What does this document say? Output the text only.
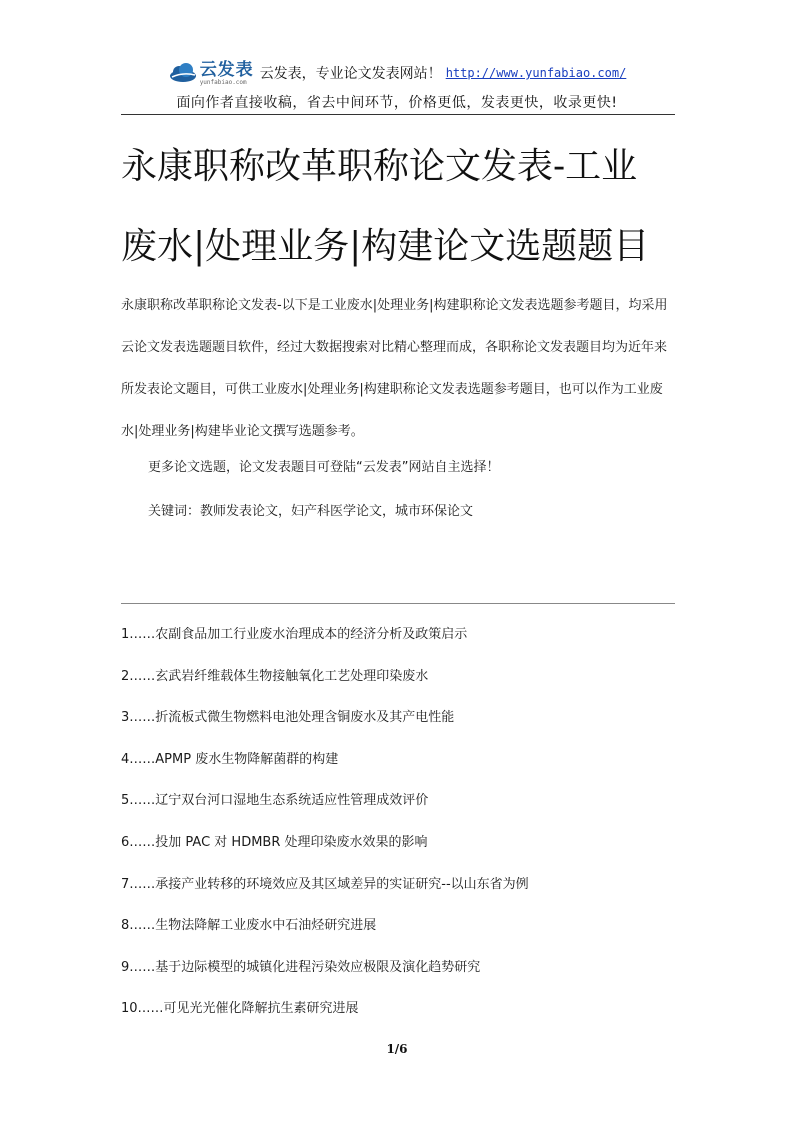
云发表
yunfabiao.com 云发表，专业论文发表网站！ http://www.yunfabiao.com/
面向作者直接收稿，省去中间环节，价格更低，发表更快，收录更快!
永康职称改革职称论文发表-工业
废水|处理业务|构建论文选题题目
永康职称改革职称论文发表-以下是工业废水|处理业务|构建职称论文发表选题参考题目，均采用云论文发表选题题目软件，经过大数据搜索对比精心整理而成，各职称论文发表题目均为近年来所发表论文题目，可供工业废水|处理业务|构建职称论文发表选题参考题目，也可以作为工业废水|处理业务|构建毕业论文撰写选题参考。
更多论文选题，论文发表题目可登陆“云发表”网站自主选择！
关键词：教师发表论文，妇产科医学论文，城市环保论文
1……农副食品加工行业废水治理成本的经济分析及政策启示
2……玄武岩纤维载体生物接触氧化工艺处理印染废水
3……折流板式微生物燃料电池处理含铜废水及其产电性能
4……APMP 废水生物降解菌群的构建
5……辽宁双台河口湿地生态系统适应性管理成效评价
6……投加 PAC 对 HDMBR 处理印染废水效果的影响
7……承接产业转移的环境效应及其区域差异的实证研究--以山东省为例
8……生物法降解工业废水中石油烃研究进展
9……基于边际模型的城镇化进程污染效应极限及演化趋势研究
10……可见光光催化降解抗生素研究进展
1/6
